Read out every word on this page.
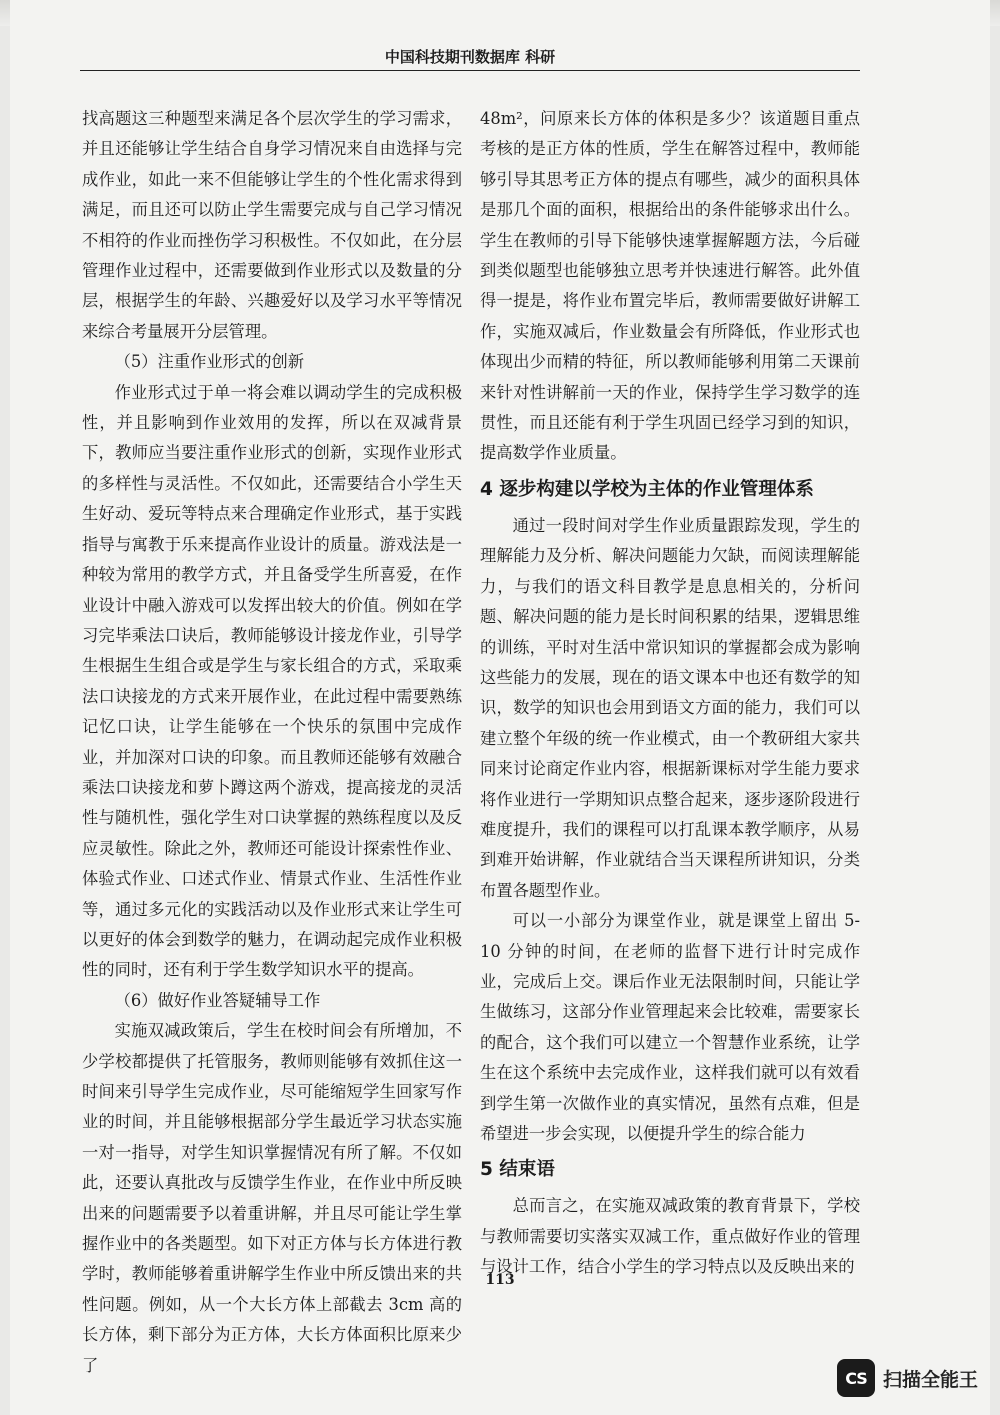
中国科技期刊数据库 科研

找高题这三种题型来满足各个层次学生的学习需求，并且还能够让学生结合自身学习情况来自由选择与完成作业，如此一来不但能够让学生的个性化需求得到满足，而且还可以防止学生需要完成与自己学习情况不相符的作业而挫伤学习积极性。不仅如此，在分层管理作业过程中，还需要做到作业形式以及数量的分层，根据学生的年龄、兴趣爱好以及学习水平等情况来综合考量展开分层管理。

（5）注重作业形式的创新

作业形式过于单一将会难以调动学生的完成积极性，并且影响到作业效用的发挥，所以在双减背景下，教师应当要注重作业形式的创新，实现作业形式的多样性与灵活性。不仅如此，还需要结合小学生天生好动、爱玩等特点来合理确定作业形式，基于实践指导与寓教于乐来提高作业设计的质量。游戏法是一种较为常用的教学方式，并且备受学生所喜爱，在作业设计中融入游戏可以发挥出较大的价值。例如在学习完毕乘法口诀后，教师能够设计接龙作业，引导学生根据生生组合或是学生与家长组合的方式，采取乘法口诀接龙的方式来开展作业，在此过程中需要熟练记忆口诀，让学生能够在一个快乐的氛围中完成作业，并加深对口诀的印象。而且教师还能够有效融合乘法口诀接龙和萝卜蹲这两个游戏，提高接龙的灵活性与随机性，强化学生对口诀掌握的熟练程度以及反应灵敏性。除此之外，教师还可能设计探索性作业、体验式作业、口述式作业、情景式作业、生活性作业等，通过多元化的实践活动以及作业形式来让学生可以更好的体会到数学的魅力，在调动起完成作业积极性的同时，还有利于学生数学知识水平的提高。

（6）做好作业答疑辅导工作

实施双减政策后，学生在校时间会有所增加，不少学校都提供了托管服务，教师则能够有效抓住这一时间来引导学生完成作业，尽可能缩短学生回家写作业的时间，并且能够根据部分学生最近学习状态实施一对一指导，对学生知识掌握情况有所了解。不仅如此，还要认真批改与反馈学生作业，在作业中所反映出来的问题需要予以着重讲解，并且尽可能让学生掌握作业中的各类题型。如下对正方体与长方体进行教学时，教师能够着重讲解学生作业中所反馈出来的共性问题。例如，从一个大长方体上部截去 3cm 高的长方体，剩下部分为正方体，大长方体面积比原来少了

48m²，问原来长方体的体积是多少？该道题目重点考核的是正方体的性质，学生在解答过程中，教师能够引导其思考正方体的提点有哪些，减少的面积具体是那几个面的面积，根据给出的条件能够求出什么。学生在教师的引导下能够快速掌握解题方法，今后碰到类似题型也能够独立思考并快速进行解答。此外值得一提是，将作业布置完毕后，教师需要做好讲解工作，实施双减后，作业数量会有所降低，作业形式也体现出少而精的特征，所以教师能够利用第二天课前来针对性讲解前一天的作业，保持学生学习数学的连贯性，而且还能有利于学生巩固已经学习到的知识，提高数学作业质量。

4 逐步构建以学校为主体的作业管理体系

通过一段时间对学生作业质量跟踪发现，学生的理解能力及分析、解决问题能力欠缺，而阅读理解能力，与我们的语文科目教学是息息相关的，分析问题、解决问题的能力是长时间积累的结果，逻辑思维的训练，平时对生活中常识知识的掌握都会成为影响这些能力的发展，现在的语文课本中也还有数学的知识，数学的知识也会用到语文方面的能力，我们可以建立整个年级的统一作业模式，由一个教研组大家共同来讨论商定作业内容，根据新课标对学生能力要求将作业进行一学期知识点整合起来，逐步逐阶段进行难度提升，我们的课程可以打乱课本教学顺序，从易到难开始讲解，作业就结合当天课程所讲知识，分类布置各题型作业。

可以一小部分为课堂作业，就是课堂上留出 5-10 分钟的时间，在老师的监督下进行计时完成作业，完成后上交。课后作业无法限制时间，只能让学生做练习，这部分作业管理起来会比较难，需要家长的配合，这个我们可以建立一个智慧作业系统，让学生在这个系统中去完成作业，这样我们就可以有效看到学生第一次做作业的真实情况，虽然有点难，但是希望进一步会实现，以便提升学生的综合能力

5 结束语

总而言之，在实施双减政策的教育背景下，学校与教师需要切实落实双减工作，重点做好作业的管理与设计工作，结合小学生的学习特点以及反映出来的

113
CS 扫描全能王
